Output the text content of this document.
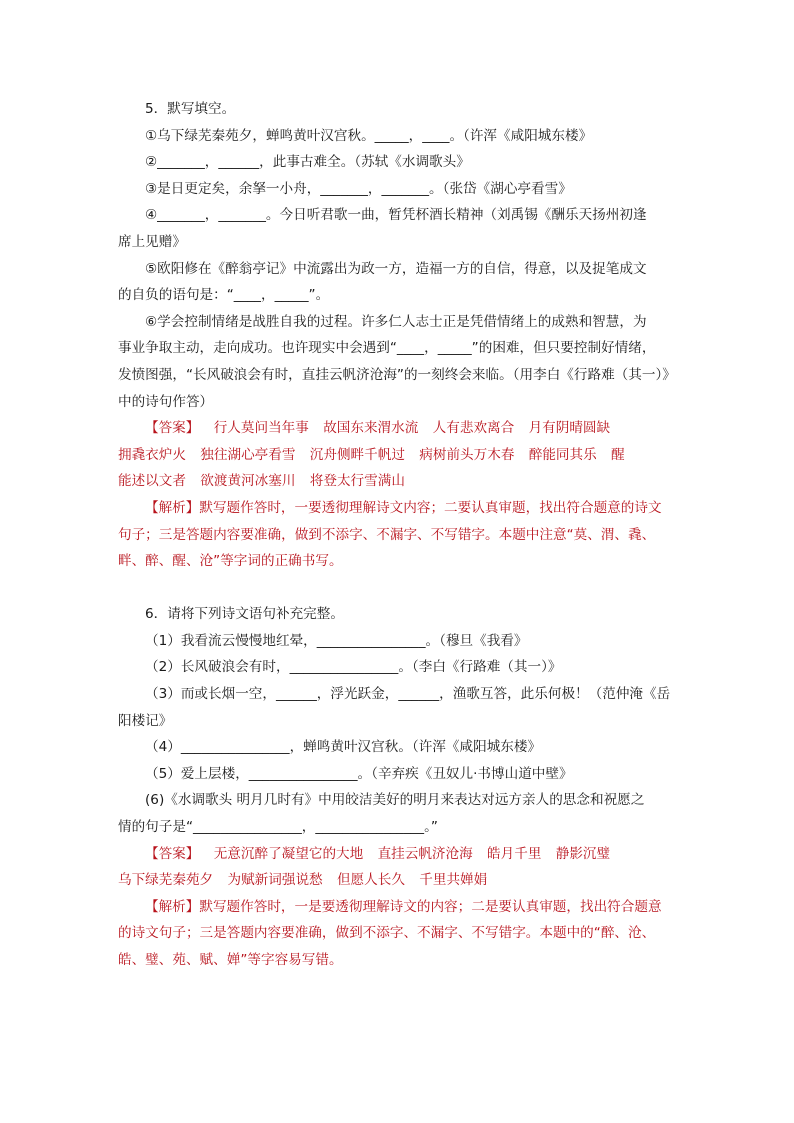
5．默写填空。
①乌下绿芜秦苑夕，蝉鸣黄叶汉宫秋。_____，____。（许浑《咸阳城东楼》
②_______，______，此事古难全。（苏轼《水调歌头》
③是日更定矣，余拏一小舟，_______，_______。（张岱《湖心亭看雪》
④_______，_______。今日听君歌一曲，暂凭杯酒长精神（刘禹锡《酬乐天扬州初逢
席上见赠》
⑤欧阳修在《醉翁亭记》中流露出为政一方，造福一方的自信，得意，以及捉笔成文
的自负的语句是：“____，_____”。
⑥学会控制情绪是战胜自我的过程。许多仁人志士正是凭借情绪上的成熟和智慧，为
事业争取主动，走向成功。也许现实中会遇到“____，_____”的困难，但只要控制好情绪，
发愤图强，“长风破浪会有时，直挂云帆济沧海”的一刻终会来临。（用李白《行路难（其一）》
中的诗句作答）
【答案】 行人莫问当年事 故国东来渭水流 人有悲欢离合 月有阴晴圆缺
拥毳衣炉火 独往湖心亭看雪 沉舟侧畔千帆过 病树前头万木春 醉能同其乐 醒
能述以文者 欲渡黄河冰塞川 将登太行雪满山
【解析】默写题作答时，一要透彻理解诗文内容；二要认真审题，找出符合题意的诗文
句子；三是答题内容要准确，做到不添字、不漏字、不写错字。本题中注意“莫、渭、毳、
畔、醉、醒、沧”等字词的正确书写。
6．请将下列诗文语句补充完整。
（1）我看流云慢慢地红晕，________________。（穆旦《我看》
（2）长风破浪会有时，________________。（李白《行路难（其一）》
（3）而或长烟一空，______，浮光跃金，______，渔歌互答，此乐何极！（范仲淹《岳
阳楼记》
（4）________________，蝉鸣黄叶汉宫秋。（许浑《咸阳城东楼》
（5）爱上层楼，________________。（辛弃疾《丑奴儿·书博山道中壁》
(6)《水调歌头 明月几时有》中用皎洁美好的明月来表达对远方亲人的思念和祝愿之
情的句子是“________________，________________。”
【答案】 无意沉醉了凝望它的大地 直挂云帆济沧海 皓月千里 静影沉璧
乌下绿芜秦苑夕 为赋新词强说愁 但愿人长久 千里共婵娟
【解析】默写题作答时，一是要透彻理解诗文的内容；二是要认真审题，找出符合题意
的诗文句子；三是答题内容要准确，做到不添字、不漏字、不写错字。本题中的“醉、沧、
皓、璧、苑、赋、婵”等字容易写错。
